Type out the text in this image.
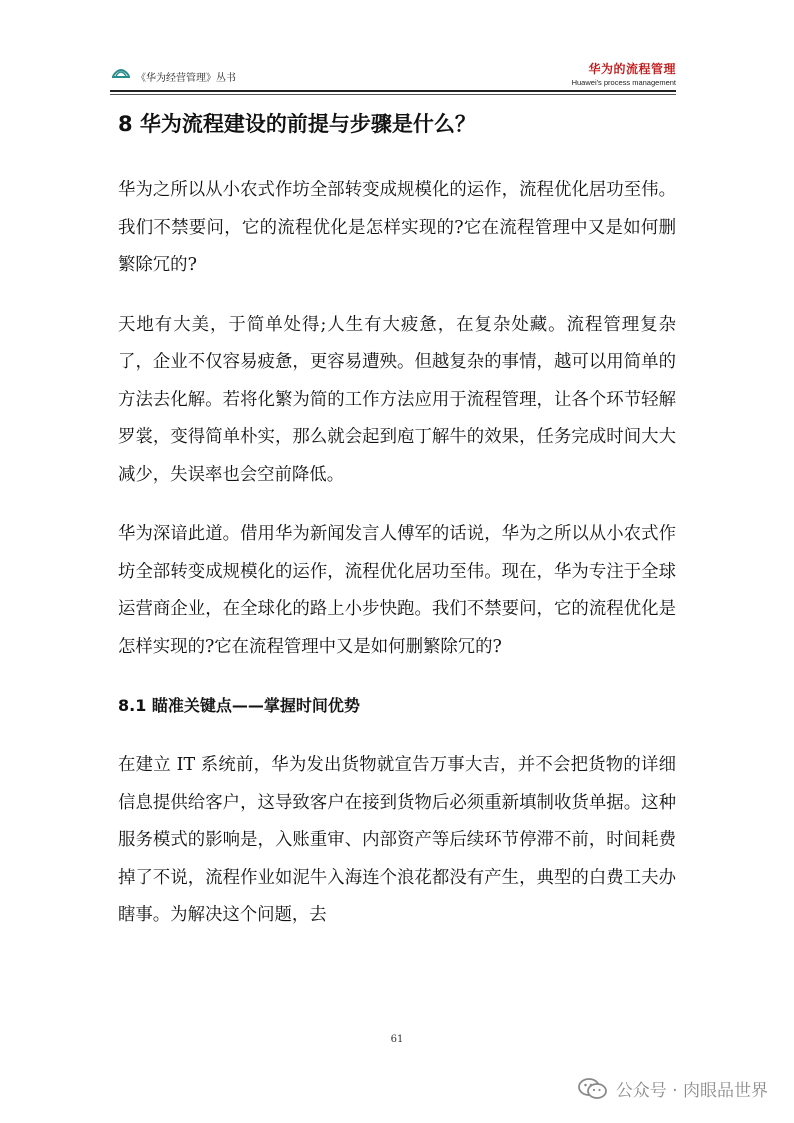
《华为经营管理》丛书
华为的流程管理
Huawei's process management
8 华为流程建设的前提与步骤是什么？

华为之所以从小农式作坊全部转变成规模化的运作，流程优化居功至伟。我们不禁要问，它的流程优化是怎样实现的?它在流程管理中又是如何删繁除冗的?

天地有大美，于简单处得;人生有大疲惫，在复杂处藏。流程管理复杂了，企业不仅容易疲惫，更容易遭殃。但越复杂的事情，越可以用简单的方法去化解。若将化繁为简的工作方法应用于流程管理，让各个环节轻解罗裳，变得简单朴实，那么就会起到庖丁解牛的效果，任务完成时间大大减少，失误率也会空前降低。

华为深谙此道。借用华为新闻发言人傅军的话说，华为之所以从小农式作坊全部转变成规模化的运作，流程优化居功至伟。现在，华为专注于全球运营商企业，在全球化的路上小步快跑。我们不禁要问，它的流程优化是怎样实现的?它在流程管理中又是如何删繁除冗的?

8.1 瞄准关键点——掌握时间优势

在建立 IT 系统前，华为发出货物就宣告万事大吉，并不会把货物的详细信息提供给客户，这导致客户在接到货物后必须重新填制收货单据。这种服务模式的影响是，入账重审、内部资产等后续环节停滞不前，时间耗费掉了不说，流程作业如泥牛入海连个浪花都没有产生，典型的白费工夫办瞎事。为解决这个问题，去

61
公众号 · 肉眼品世界
